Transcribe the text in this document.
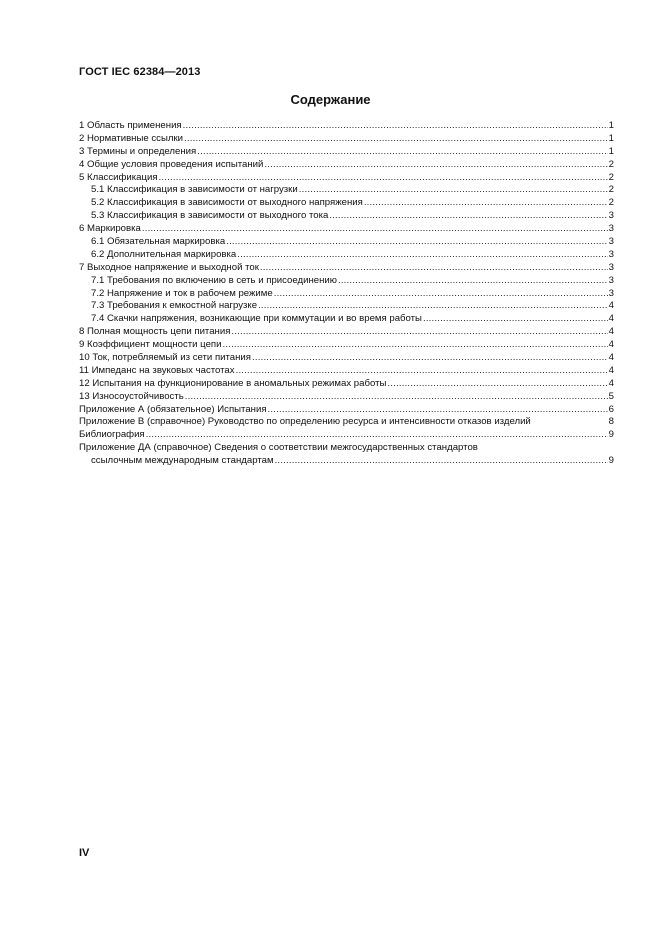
ГОСТ IEC 62384—2013
Содержание
1 Область применения .....	1
2 Нормативные ссылки .....	1
3 Термины и определения .....	1
4 Общие условия проведения испытаний .....	2
5 Классификация .....	2
5.1 Классификация в зависимости от нагрузки .....	2
5.2 Классификация в зависимости от выходного напряжения .....	2
5.3 Классификация в зависимости от выходного тока .....	3
6 Маркировка .....	3
6.1 Обязательная маркировка .....	3
6.2 Дополнительная маркировка .....	3
7 Выходное напряжение и выходной ток .....	3
7.1 Требования по включению в сеть и присоединению .....	3
7.2 Напряжение и ток в рабочем режиме .....	3
7.3 Требования к емкостной нагрузке .....	4
7.4 Скачки напряжения, возникающие при коммутации и во время работы .....	4
8 Полная мощность цепи питания .....	4
9 Коэффициент мощности цепи .....	4
10 Ток, потребляемый из сети питания .....	4
11 Импеданс на звуковых частотах .....	4
12 Испытания на функционирование в аномальных режимах работы .....	4
13 Износоустойчивость .....	5
Приложение А (обязательное) Испытания .....	6
Приложение В (справочное) Руководство по определению ресурса и интенсивности отказов изделий	8
Библиография .....	9
Приложение ДА (справочное) Сведения о соответствии межгосударственных стандартов
ссылочным международным стандартам .....	9
IV
